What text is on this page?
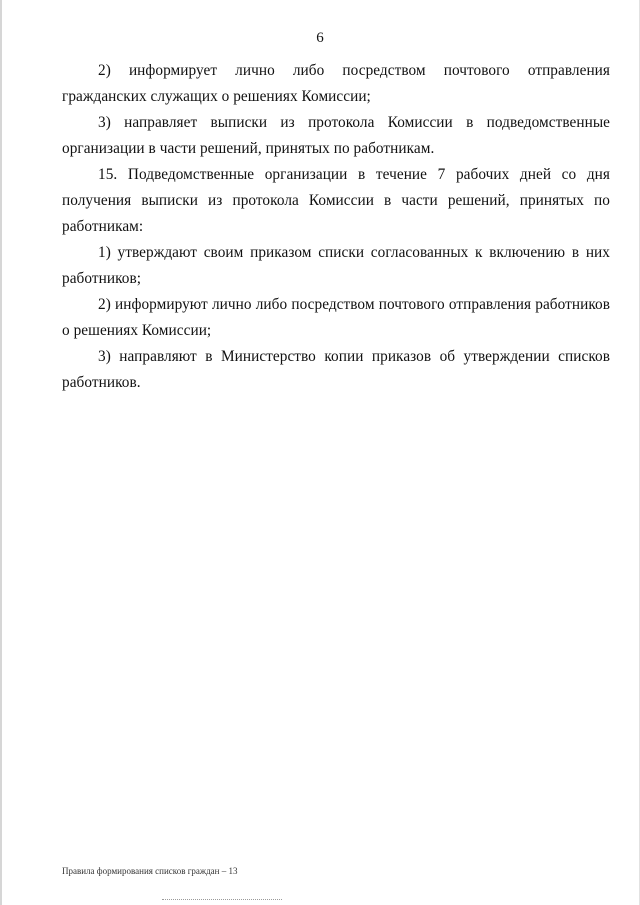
6

2) информирует лично либо посредством почтового отправления гражданских служащих о решениях Комиссии;

3) направляет выписки из протокола Комиссии в подведомственные организации в части решений, принятых по работникам.

15. Подведомственные организации в течение 7 рабочих дней со дня получения выписки из протокола Комиссии в части решений, принятых по работникам:

1) утверждают своим приказом списки согласованных к включению в них работников;

2) информируют лично либо посредством почтового отправления работников о решениях Комиссии;

3) направляют в Министерство копии приказов об утверждении списков работников.

Правила формирования списков граждан – 13
